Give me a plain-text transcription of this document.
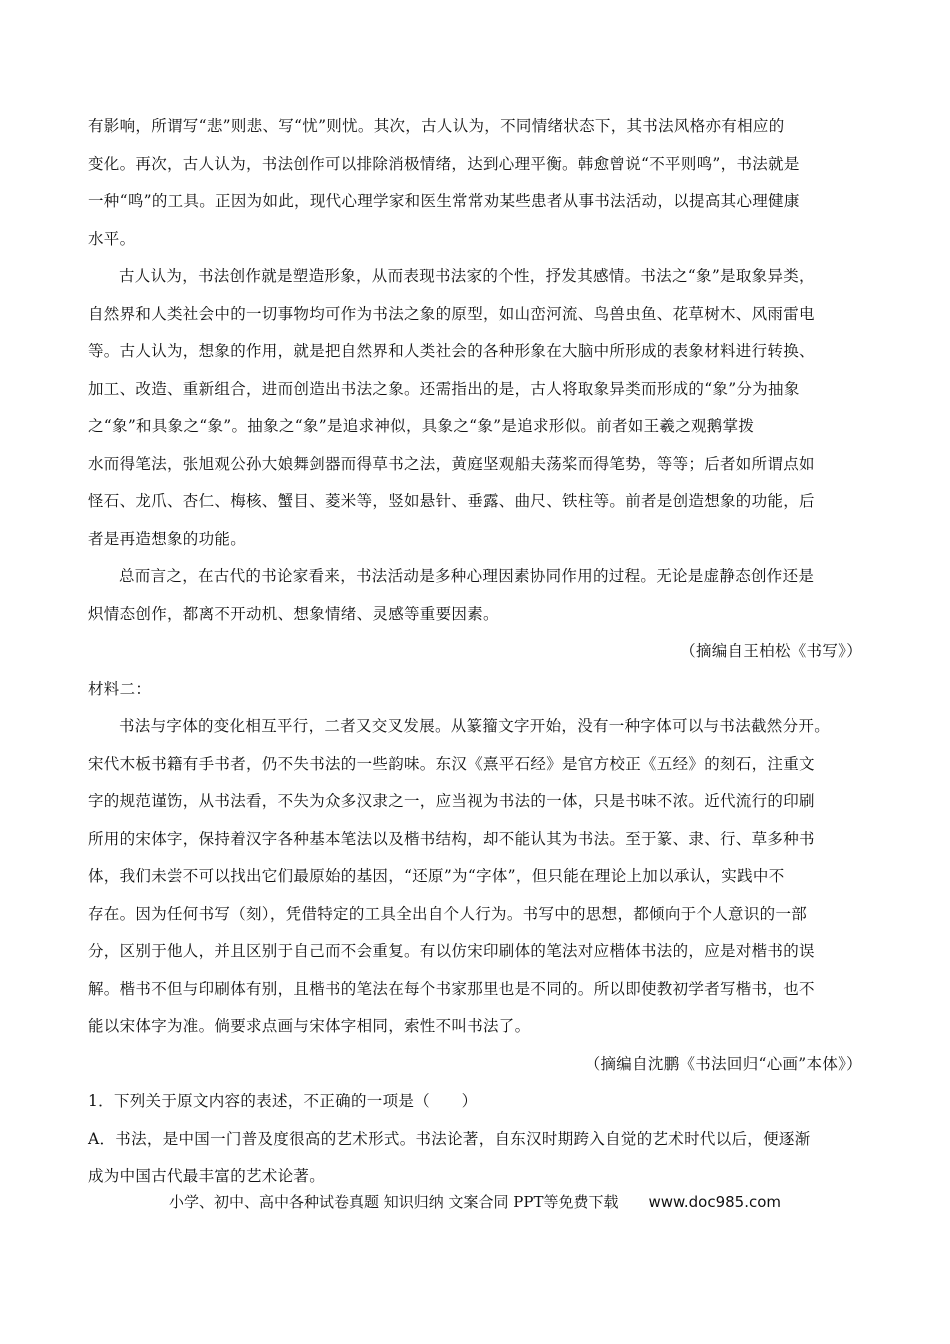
有影响，所谓写“悲”则悲、写“忧”则忧。其次，古人认为，不同情绪状态下，其书法风格亦有相应的
变化。再次，古人认为，书法创作可以排除消极情绪，达到心理平衡。韩愈曾说“不平则鸣”，书法就是
一种“鸣”的工具。正因为如此，现代心理学家和医生常常劝某些患者从事书法活动，以提高其心理健康
水平。
古人认为，书法创作就是塑造形象，从而表现书法家的个性，抒发其感情。书法之“象”是取象异类，
自然界和人类社会中的一切事物均可作为书法之象的原型，如山峦河流、鸟兽虫鱼、花草树木、风雨雷电
等。古人认为，想象的作用，就是把自然界和人类社会的各种形象在大脑中所形成的表象材料进行转换、
加工、改造、重新组合，进而创造出书法之象。还需指出的是，古人将取象异类而形成的“象”分为抽象
之“象”和具象之“象”。抽象之“象”是追求神似，具象之“象”是追求形似。前者如王羲之观鹅掌拨
水而得笔法，张旭观公孙大娘舞剑器而得草书之法，黄庭坚观船夫荡桨而得笔势，等等；后者如所谓点如
怪石、龙爪、杏仁、梅核、蟹目、菱米等，竖如悬针、垂露、曲尺、铁柱等。前者是创造想象的功能，后
者是再造想象的功能。
总而言之，在古代的书论家看来，书法活动是多种心理因素协同作用的过程。无论是虚静态创作还是
炽情态创作，都离不开动机、想象情绪、灵感等重要因素。
（摘编自王柏松《书写》）
材料二：
书法与字体的变化相互平行，二者又交叉发展。从篆籀文字开始，没有一种字体可以与书法截然分开。
宋代木板书籍有手书者，仍不失书法的一些韵味。东汉《熹平石经》是官方校正《五经》的刻石，注重文
字的规范谨饬，从书法看，不失为众多汉隶之一，应当视为书法的一体，只是书味不浓。近代流行的印刷
所用的宋体字，保持着汉字各种基本笔法以及楷书结构，却不能认其为书法。至于篆、隶、行、草多种书
体，我们未尝不可以找出它们最原始的基因，“还原”为“字体”，但只能在理论上加以承认，实践中不
存在。因为任何书写（刻），凭借特定的工具全出自个人行为。书写中的思想，都倾向于个人意识的一部
分，区别于他人，并且区别于自己而不会重复。有以仿宋印刷体的笔法对应楷体书法的，应是对楷书的误
解。楷书不但与印刷体有别，且楷书的笔法在每个书家那里也是不同的。所以即使教初学者写楷书，也不
能以宋体字为准。倘要求点画与宋体字相同，索性不叫书法了。
（摘编自沈鹏《书法回归“心画”本体》）
1．下列关于原文内容的表述，不正确的一项是（　　）
A．书法，是中国一门普及度很高的艺术形式。书法论著，自东汉时期跨入自觉的艺术时代以后，便逐渐
成为中国古代最丰富的艺术论著。
小学、初中、高中各种试卷真题 知识归纳 文案合同 PPT等免费下载 www.doc985.com
